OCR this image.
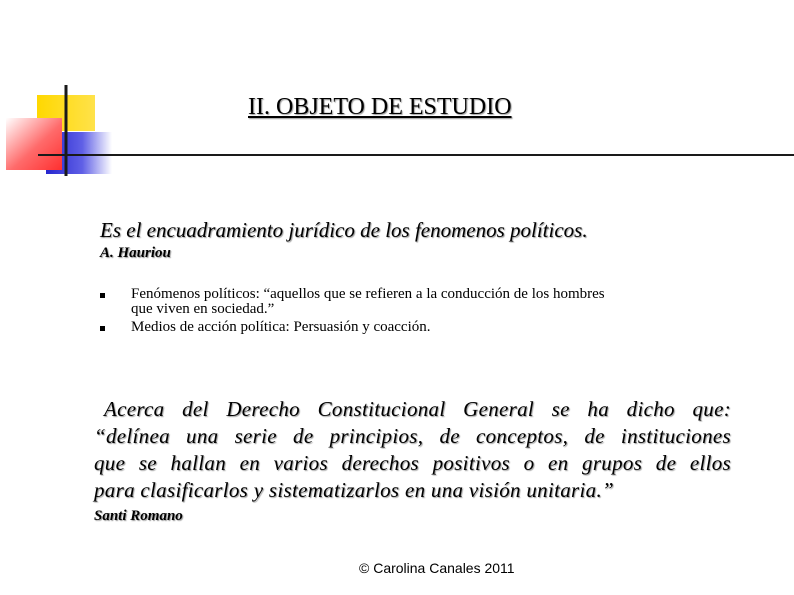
II. OBJETO DE ESTUDIO
Es el encuadramiento jurídico de los fenomenos políticos.
A. Hauriou
Fenómenos políticos: “aquellos que se refieren a la conducción de los hombres
que viven en sociedad.”
Medios de acción política: Persuasión y coacción.
Acerca del Derecho Constitucional General se ha dicho que:
“delínea una serie de principios, de conceptos, de instituciones
que se hallan en varios derechos positivos o en grupos de ellos
para clasificarlos y sistematizarlos en una visión unitaria.”
Santi Romano
© Carolina Canales 2011
